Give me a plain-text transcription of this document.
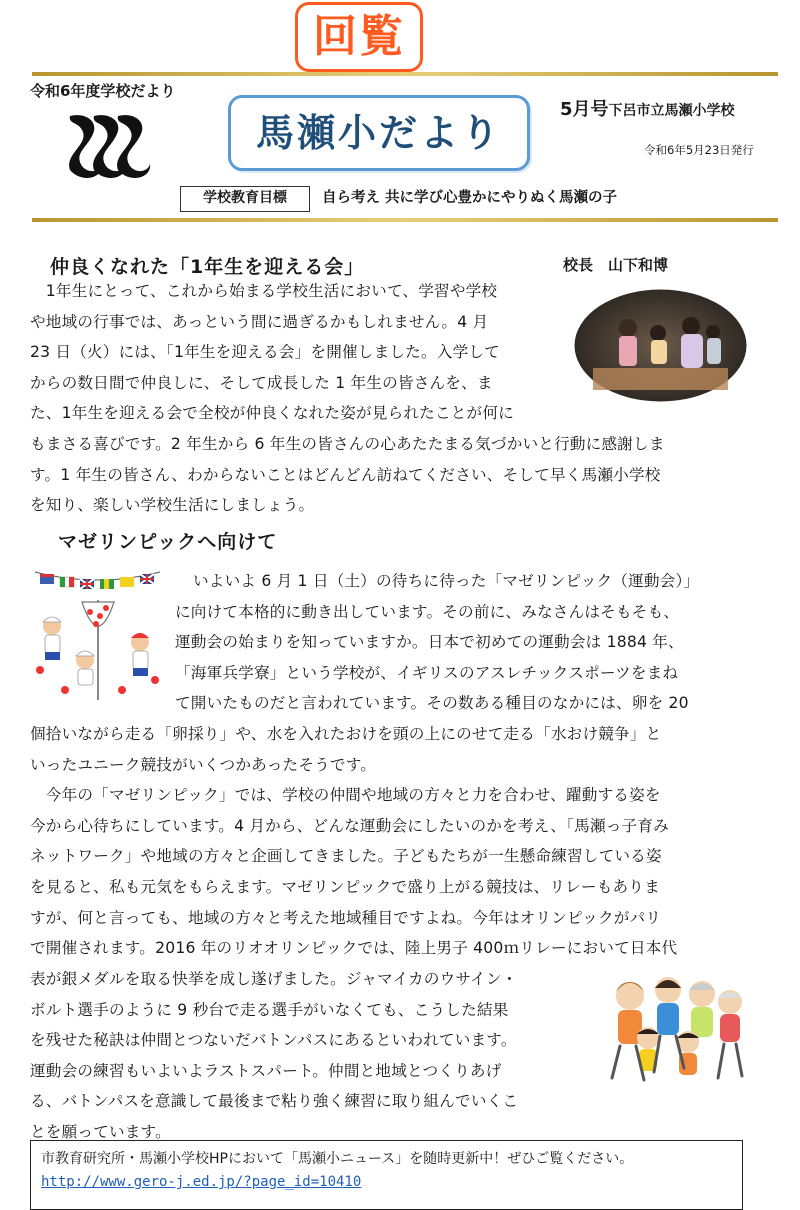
回覧
令和6年度学校だより
馬瀬小だより
5月号下呂市立馬瀬小学校
令和6年5月23日発行
学校教育目標	自ら考え 共に学び心豊かにやりぬく馬瀬の子
仲良くなれた「1年生を迎える会」	校長　山下和博

　1年生にとって、これから始まる学校生活において、学習や学校

や地域の行事では、あっという間に過ぎるかもしれません。4 月

23 日（火）には、「1年生を迎える会」を開催しました。入学して

からの数日間で仲良しに、そして成長した 1 年生の皆さんを、ま

た、1年生を迎える会で全校が仲良くなれた姿が見られたことが何に

もまさる喜びです。2 年生から 6 年生の皆さんの心あたたまる気づかいと行動に感謝しま

す。1 年生の皆さん、わからないことはどんどん訪ねてください、そして早く馬瀬小学校

を知り、楽しい学校生活にしましょう。

マゼリンピックへ向けて

いよいよ 6 月 1 日（土）の待ちに待った「マゼリンピック（運動会）」

に向けて本格的に動き出しています。その前に、みなさんはそもそも、

運動会の始まりを知っていますか。日本で初めての運動会は 1884 年、

「海軍兵学寮」という学校が、イギリスのアスレチックスポーツをまね

て開いたものだと言われています。その数ある種目のなかには、卵を 20

個拾いながら走る「卵採り」や、水を入れたおけを頭の上にのせて走る「水おけ競争」と

いったユニーク競技がいくつかあったそうです。

　今年の「マゼリンピック」では、学校の仲間や地域の方々と力を合わせ、躍動する姿を

今から心待ちにしています。4 月から、どんな運動会にしたいのかを考え、「馬瀬っ子育み

ネットワーク」や地域の方々と企画してきました。子どもたちが一生懸命練習している姿

を見ると、私も元気をもらえます。マゼリンピックで盛り上がる競技は、リレーもありま

すが、何と言っても、地域の方々と考えた地域種目ですよね。今年はオリンピックがパリ

で開催されます。2016 年のリオオリンピックでは、陸上男子 400ｍリレーにおいて日本代

表が銀メダルを取る快挙を成し遂げました。ジャマイカのウサイン・

ボルト選手のように 9 秒台で走る選手がいなくても、こうした結果

を残せた秘訣は仲間とつないだバトンパスにあるといわれています。

運動会の練習もいよいよラストスパート。仲間と地域とつくりあげ

る、バトンパスを意識して最後まで粘り強く練習に取り組んでいくこ

とを願っています。

市教育研究所・馬瀬小学校HPにおいて「馬瀬小ニュース」を随時更新中！ぜひご覧ください。
http://www.gero-j.ed.jp/?page_id=10410
